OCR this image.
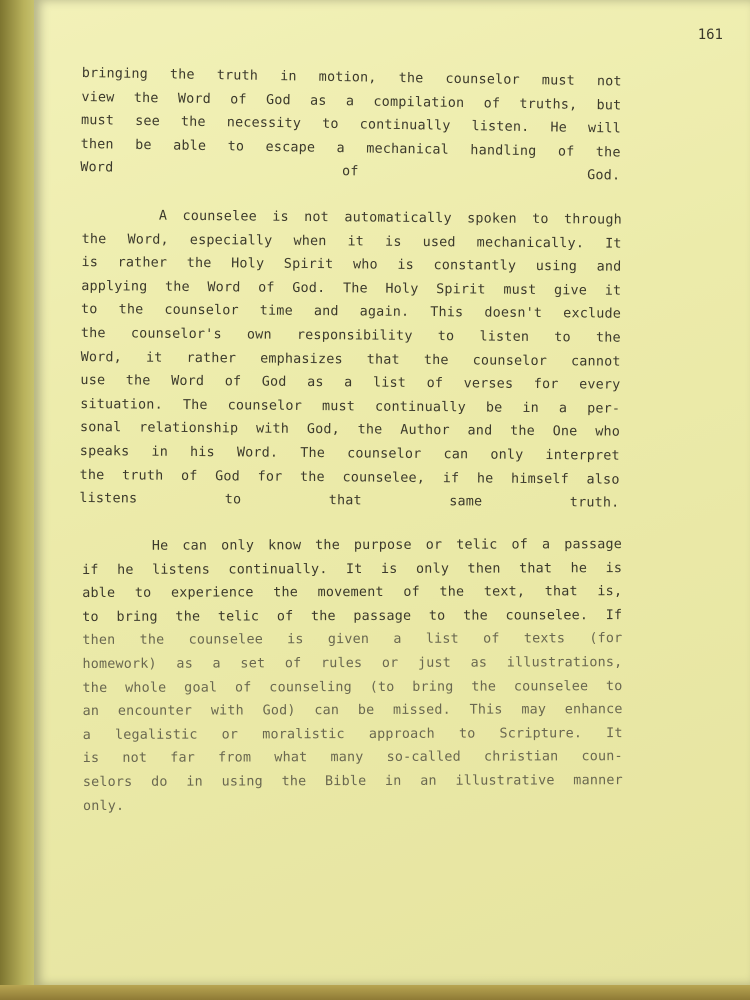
161

bringing the truth in motion, the counselor must not
view the Word of God as a compilation of truths, but
must see the necessity to continually listen. He will
then be able to escape a mechanical handling of the
Word of God.

A counselee is not automatically spoken to through
the Word, especially when it is used mechanically. It
is rather the Holy Spirit who is constantly using and
applying the Word of God. The Holy Spirit must give it
to the counselor time and again. This doesn't exclude
the counselor's own responsibility to listen to the
Word, it rather emphasizes that the counselor cannot
use the Word of God as a list of verses for every
situation. The counselor must continually be in a per-
sonal relationship with God, the Author and the One who
speaks in his Word. The counselor can only interpret
the truth of God for the counselee, if he himself also
listens to that same truth.

He can only know the purpose or telic of a passage
if he listens continually. It is only then that he is
able to experience the movement of the text, that is,
to bring the telic of the passage to the counselee. If
then the counselee is given a list of texts (for
homework) as a set of rules or just as illustrations,
the whole goal of counseling (to bring the counselee to
an encounter with God) can be missed. This may enhance
a legalistic or moralistic approach to Scripture. It
is not far from what many so-called christian coun-
selors do in using the Bible in an illustrative manner
only.
